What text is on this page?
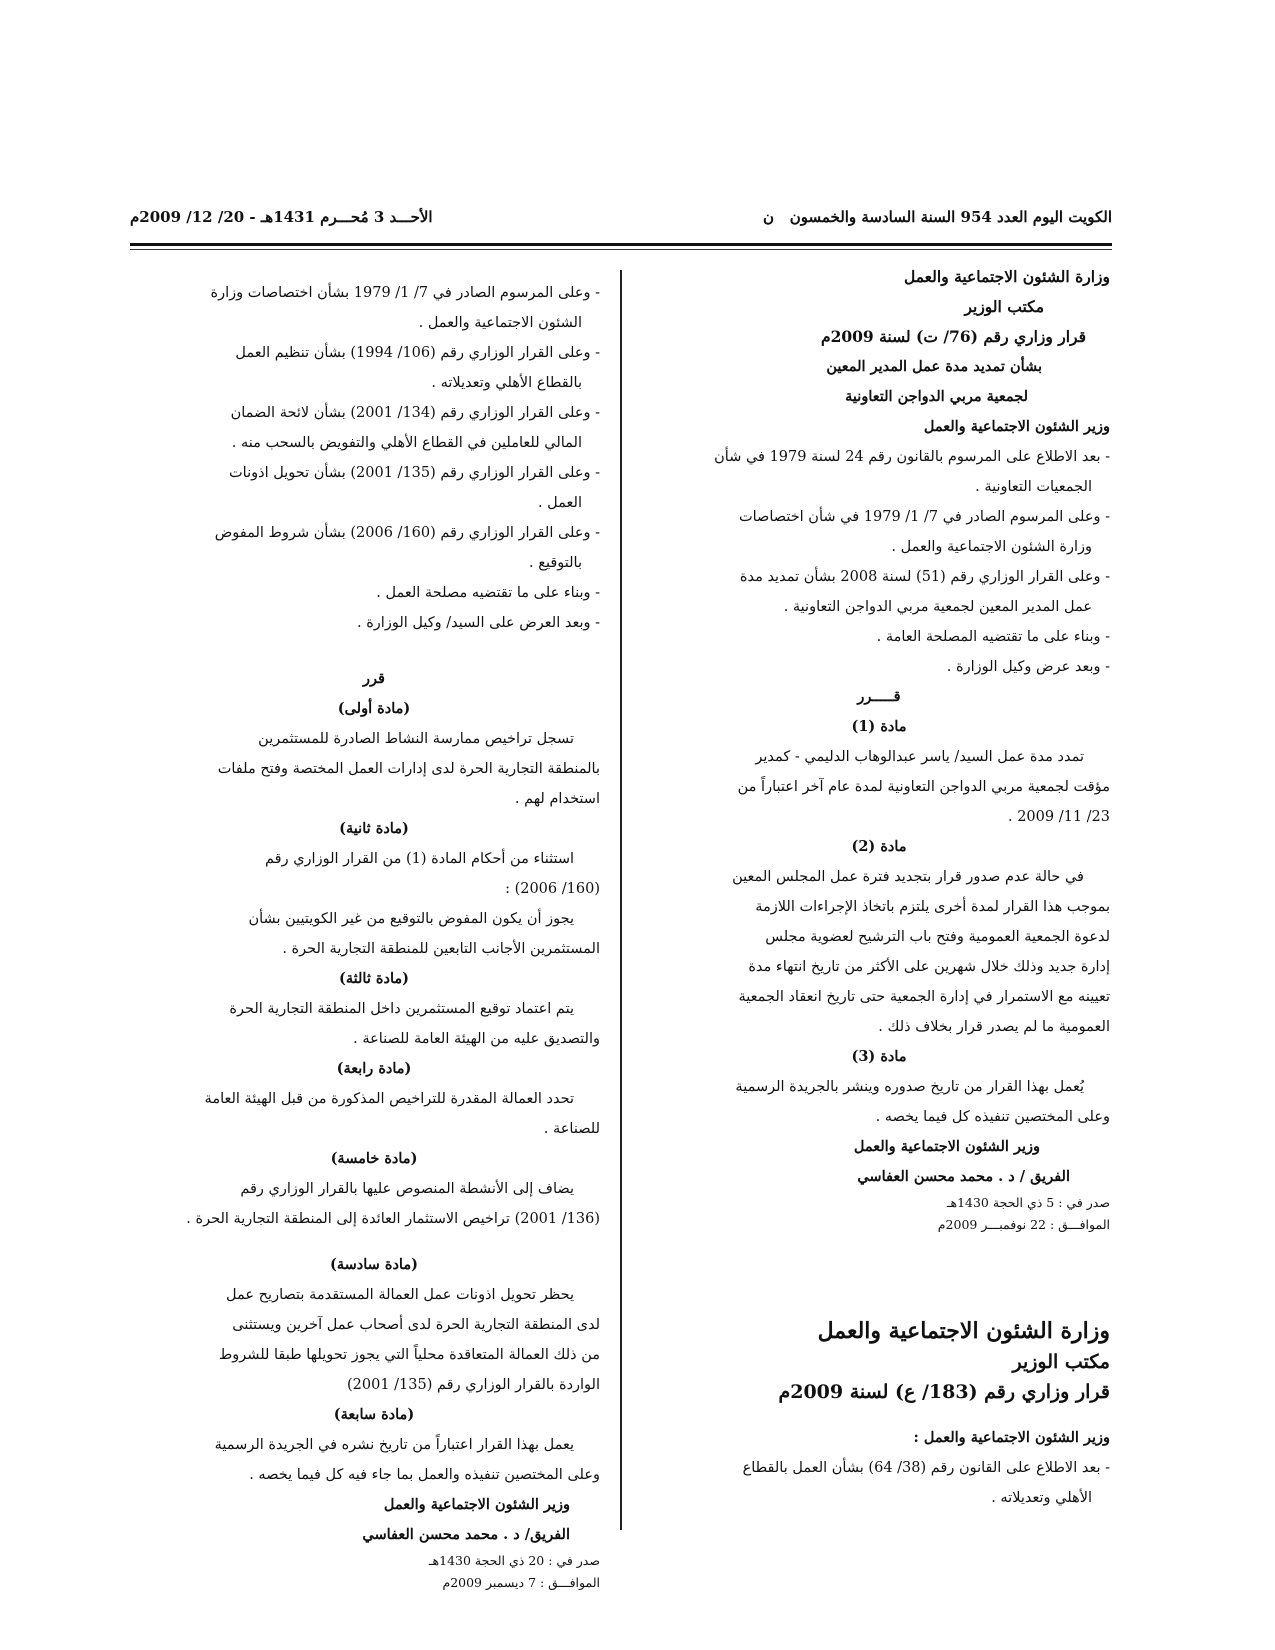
الكويت اليوم العدد 954 السنة السادسة والخمسون   ن
الأحـــد 3 مُحـــرم 1431هـ - 20/ 12/ 2009م

وزارة الشئون الاجتماعية والعمل

مكتب الوزير

قرار وزاري رقم (76/ ت) لسنة 2009م

بشأن تمديد مدة عمل المدير المعين

لجمعية مربي الدواجن التعاونية

وزير الشئون الاجتماعية والعمل

- بعد الاطلاع على المرسوم بالقانون رقم 24 لسنة 1979 في شأن

الجمعيات التعاونية .

- وعلى المرسوم الصادر في 7/ 1/ 1979 في شأن اختصاصات

وزارة الشئون الاجتماعية والعمل .

- وعلى القرار الوزاري رقم (51) لسنة 2008 بشأن تمديد مدة

عمل المدير المعين لجمعية مربي الدواجن التعاونية .

- وبناء على ما تقتضيه المصلحة العامة .

- وبعد عرض وكيل الوزارة .

قـــــرر

مادة (1)

تمدد مدة عمل السيد/ ياسر عبدالوهاب الدليمي - كمدير

مؤقت لجمعية مربي الدواجن التعاونية لمدة عام آخر اعتباراً من

23/ 11/ 2009 .

مادة (2)

في حالة عدم صدور قرار بتجديد فترة عمل المجلس المعين

بموجب هذا القرار لمدة أخرى يلتزم باتخاذ الإجراءات اللازمة

لدعوة الجمعية العمومية وفتح باب الترشيح لعضوية مجلس

إدارة جديد وذلك خلال شهرين على الأكثر من تاريخ انتهاء مدة

تعيينه مع الاستمرار في إدارة الجمعية حتى تاريخ انعقاد الجمعية

العمومية ما لم يصدر قرار بخلاف ذلك .

مادة (3)

يُعمل بهذا القرار من تاريخ صدوره وينشر بالجريدة الرسمية

وعلى المختصين تنفيذه كل فيما يخصه .

وزير الشئون الاجتماعية والعمل

الفريق / د . محمد محسن العفاسي

صدر في : 5 ذي الحجة 1430هـ

الموافـــق : 22 نوفمبـــر 2009م

وزارة الشئون الاجتماعية والعمل

مكتب الوزير

قرار وزاري رقم (183/ ع) لسنة 2009م

وزير الشئون الاجتماعية والعمل :

- بعد الاطلاع على القانون رقم (38/ 64) بشأن العمل بالقطاع

الأهلي وتعديلاته .

- وعلى المرسوم الصادر في 7/ 1/ 1979 بشأن اختصاصات وزارة

الشئون الاجتماعية والعمل .

- وعلى القرار الوزاري رقم (106/ 1994) بشأن تنظيم العمل

بالقطاع الأهلي وتعديلاته .

- وعلى القرار الوزاري رقم (134/ 2001) بشأن لائحة الضمان

المالي للعاملين في القطاع الأهلي والتفويض بالسحب منه .

- وعلى القرار الوزاري رقم (135/ 2001) بشأن تحويل اذونات

العمل .

- وعلى القرار الوزاري رقم (160/ 2006) بشأن شروط المفوض

بالتوقيع .

- وبناء على ما تقتضيه مصلحة العمل .

- وبعد العرض على السيد/ وكيل الوزارة .

قرر

(مادة أولى)

تسجل تراخيص ممارسة النشاط الصادرة للمستثمرين

بالمنطقة التجارية الحرة لدى إدارات العمل المختصة وفتح ملفات

استخدام لهم .

(مادة ثانية)

استثناء من أحكام المادة (1) من القرار الوزاري رقم

(160/ 2006) :

يجوز أن يكون المفوض بالتوقيع من غير الكويتيين بشأن

المستثمرين الأجانب التابعين للمنطقة التجارية الحرة .

(مادة ثالثة)

يتم اعتماد توقيع المستثمرين داخل المنطقة التجارية الحرة

والتصديق عليه من الهيئة العامة للصناعة .

(مادة رابعة)

تحدد العمالة المقدرة للتراخيص المذكورة من قبل الهيئة العامة

للصناعة .

(مادة خامسة)

يضاف إلى الأنشطة المنصوص عليها بالقرار الوزاري رقم

(136/ 2001) تراخيص الاستثمار العائدة إلى المنطقة التجارية الحرة .

(مادة سادسة)

يحظر تحويل اذونات عمل العمالة المستقدمة بتصاريح عمل

لدى المنطقة التجارية الحرة لدى أصحاب عمل آخرين ويستثنى

من ذلك العمالة المتعاقدة محلياً التي يجوز تحويلها طبقا للشروط

الواردة بالقرار الوزاري رقم (135/ 2001)

(مادة سابعة)

يعمل بهذا القرار اعتباراً من تاريخ نشره في الجريدة الرسمية

وعلى المختصين تنفيذه والعمل بما جاء فيه كل فيما يخصه .

وزير الشئون الاجتماعية والعمل

الفريق/ د . محمد محسن العفاسي

صدر في : 20 ذي الحجة 1430هـ

الموافـــق : 7 ديسمبر 2009م
